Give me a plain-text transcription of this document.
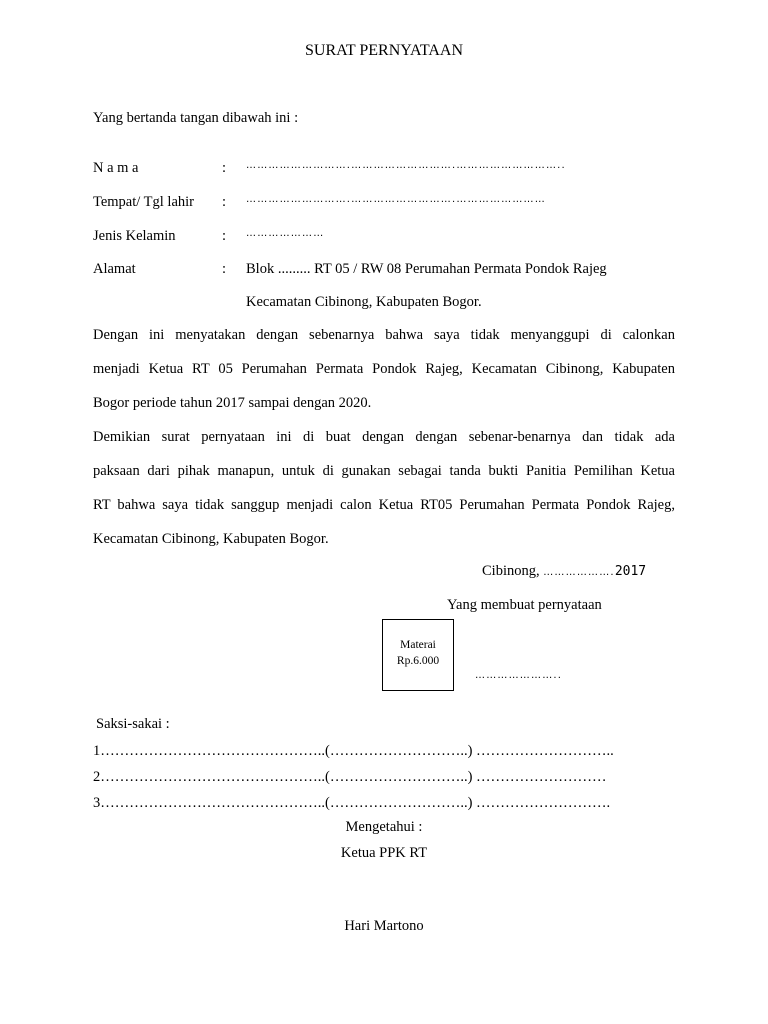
SURAT PERNYATAAN
Yang bertanda tangan dibawah ini :
N a m a	: ……………………….……………………….………………………..
Tempat/ Tgl lahir : ……………………….……………………….……………………
Jenis Kelamin	: …………………
Alamat	: Blok ......... RT 05 / RW 08 Perumahan Permata Pondok Rajeg
Kecamatan Cibinong, Kabupaten Bogor.
Dengan ini menyatakan dengan sebenarnya bahwa saya tidak menyanggupi di calonkan
menjadi Ketua RT 05 Perumahan Permata Pondok Rajeg, Kecamatan Cibinong, Kabupaten
Bogor periode tahun 2017 sampai dengan 2020.
Demikian surat pernyataan ini di buat dengan dengan sebenar-benarnya dan tidak ada
paksaan dari pihak manapun, untuk di gunakan sebagai tanda bukti Panitia Pemilihan Ketua
RT bahwa saya tidak sanggup menjadi calon Ketua RT05 Perumahan Permata Pondok Rajeg,
Kecamatan Cibinong, Kabupaten Bogor.
Cibinong, ……………….2017
Yang membuat pernyataan
Materai
Rp.6.000
…………………..
Saksi-sakai :
1………………………………………..(………………………..) ………………………..
2………………………………………..(………………………..) ………………………
3………………………………………..(………………………..) ……………………….
Mengetahui :
Ketua PPK RT
Hari Martono
